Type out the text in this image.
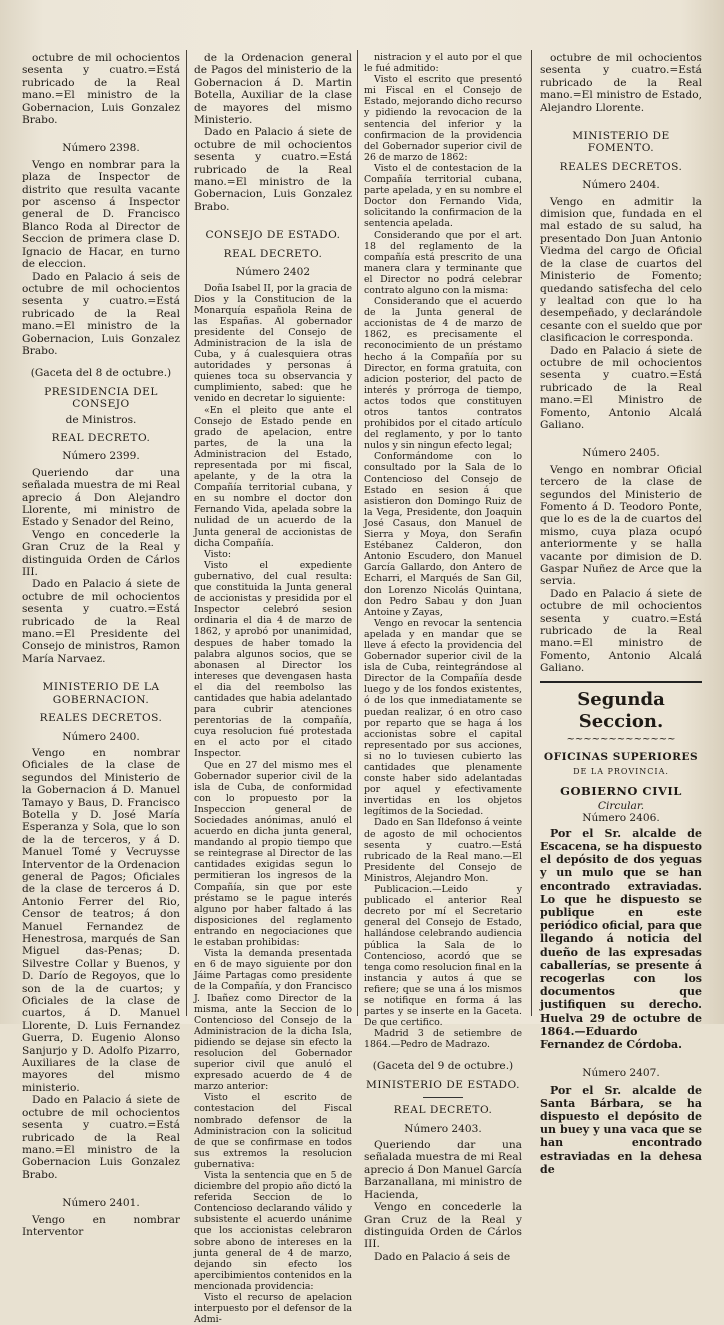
octubre de mil ochocientos sesenta y cuatro.=Está rubricado de la Real mano.=El ministro de la Gobernacion, Luis Gonzalez Brabo.

Número 2398.

Vengo en nombrar para la plaza de Inspector de distrito que resulta vacante por ascenso á Inspector general de D. Francisco Blanco Roda al Director de Seccion de primera clase D. Ignacio de Hacar, en turno de eleccion.

Dado en Palacio á seis de octubre de mil ochocientos sesenta y cuatro.=Está rubricado de la Real mano.=El ministro de la Gobernacion, Luis Gonzalez Brabo.

(Gaceta del 8 de octubre.)

PRESIDENCIA DEL CONSEJO

de Ministros.

REAL DECRETO.

Número 2399.

Queriendo dar una señalada muestra de mi Real aprecio á Don Alejandro Llorente, mi ministro de Estado y Senador del Reino,

Vengo en concederle la Gran Cruz de la Real y distinguida Orden de Cárlos III.

Dado en Palacio á siete de octubre de mil ochocientos sesenta y cuatro.=Está rubricado de la Real mano.=El Presidente del Consejo de ministros, Ramon María Narvaez.

MINISTERIO DE LA GOBERNACION.

REALES DECRETOS.

Número 2400.

Vengo en nombrar Oficiales de la clase de segundos del Ministerio de la Gobernacion á D. Manuel Tamayo y Baus, D. Francisco Botella y D. José María Esperanza y Sola, que lo son de la de terceros, y á D. Manuel Tomé y Vecruysse Interventor de la Ordenacion general de Pagos; Oficiales de la clase de terceros á D. Antonio Ferrer del Rio, Censor de teatros; á don Manuel Fernandez de Henestrosa, marqués de San Miguel das-Penas; D. Silvestre Collar y Buenos, y D. Darío de Regoyos, que lo son de la de cuartos; y Oficiales de la clase de cuartos, á D. Manuel Llorente, D. Luis Fernandez Guerra, D. Eugenio Alonso Sanjurjo y D. Adolfo Pizarro, Auxiliares de la clase de mayores del mismo ministerio.

Dado en Palacio á siete de octubre de mil ochocientos sesenta y cuatro.=Está rubricado de la Real mano.=El ministro de la Gobernacion Luis Gonzalez Brabo.

Número 2401.

Vengo en nombrar Interventor

de la Ordenacion general de Pagos del ministerio de la Gobernacion á D. Martin Botella, Auxiliar de la clase de mayores del mismo Ministerio.

Dado en Palacio á siete de octubre de mil ochocientos sesenta y cuatro.=Está rubricado de la Real mano.=El ministro de la Gobernacion, Luis Gonzalez Brabo.

CONSEJO DE ESTADO.

REAL DECRETO.

Número 2402

Doña Isabel II, por la gracia de Dios y la Constitucion de la Monarquía española Reina de las Españas. Al gobernador presidente del Consejo de Administracion de la isla de Cuba, y á cualesquiera otras autoridades y personas á quienes toca su observancia y cumplimiento, sabed: que he venido en decretar lo siguiente:

«En el pleito que ante el Consejo de Estado pende en grado de apelacion, entre partes, de la una la Administracion del Estado, representada por mi fiscal, apelante, y de la otra la Compañía territorial cubana, y en su nombre el doctor don Fernando Vida, apelada sobre la nulidad de un acuerdo de la Junta general de accionistas de dicha Compañía.

Visto:

Visto el expediente gubernativo, del cual resulta: que constituida la Junta general de accionistas y presidida por el Inspector celebró sesion ordinaria el dia 4 de marzo de 1862, y aprobó por unanimidad, despues de haber tomado la palabra algunos socios, que se abonasen al Director los intereses que devengasen hasta el dia del reembolso las cantidades que habia adelantado para cubrir atenciones perentorias de la compañía, cuya resolucion fué protestada en el acto por el citado Inspector.

Que en 27 del mismo mes el Gobernador superior civil de la isla de Cuba, de conformidad con lo propuesto por la Inspeccion general de Sociedades anónimas, anuló el acuerdo en dicha junta general, mandando al propio tiempo que se reintegrase al Director de las cantidades exigidas segun lo permitieran los ingresos de la Compañía, sin que por este préstamo se le pague interés alguno por haber faltado á las disposiciones del reglamento entrando en negociaciones que le estaban prohibidas:

Vista la demanda presentada en 6 de mayo siguiente por don Jáime Partagas como presidente de la Compañía, y don Francisco J. Ibañez como Director de la misma, ante la Seccion de lo Contencioso del Consejo de la Administracion de la dicha Isla, pidiendo se dejase sin efecto la resolucion del Gobernador superior civil que anuló el expresado acuerdo de 4 de marzo anterior:

Visto el escrito de contestacion del Fiscal nombrado defensor de la Administracion con la solicitud de que se confirmase en todos sus extremos la resolucion gubernativa:

Vista la sentencia que en 5 de diciembre del propio año dictó la referida Seccion de lo Contencioso declarando válido y subsistente el acuerdo unánime que los accionistas celebraron sobre abono de intereses en la junta general de 4 de marzo, dejando sin efecto los apercibimientos contenidos en la mencionada providencia:

Visto el recurso de apelacion interpuesto por el defensor de la Admi-

nistracion y el auto por el que le fué admitido:

Visto el escrito que presentó mi Fiscal en el Consejo de Estado, mejorando dicho recurso y pidiendo la revocacion de la sentencia del inferior y la confirmacion de la providencia del Gobernador superior civil de 26 de marzo de 1862:

Visto el de contestacion de la Compañía territorial cubana, parte apelada, y en su nombre el Doctor don Fernando Vida, solicitando la confirmacion de la sentencia apelada.

Considerando que por el art. 18 del reglamento de la compañía está prescrito de una manera clara y terminante que el Director no podrá celebrar contrato alguno con la misma:

Considerando que el acuerdo de la Junta general de accionistas de 4 de marzo de 1862, es precisamente el reconocimiento de un préstamo hecho á la Compañía por su Director, en forma gratuita, con adicion posterior, del pacto de interés y prórroga de tiempo, actos todos que constituyen otros tantos contratos prohibidos por el citado artículo del reglamento, y por lo tanto nulos y sin ningun efecto legal;

Conformándome con lo consultado por la Sala de lo Contencioso del Consejo de Estado en sesion á que asistieron don Domingo Ruiz de la Vega, Presidente, don Joaquin José Casaus, don Manuel de Sierra y Moya, don Serafin Estébanez Calderon, don Antonio Escudero, don Manuel García Gallardo, don Antero de Echarri, el Marqués de San Gil, don Lorenzo Nicolás Quintana, don Pedro Sabau y don Juan Antoine y Zayas,

Vengo en revocar la sentencia apelada y en mandar que se lleve á efecto la providencia del Gobernador superior civil de la isla de Cuba, reintegrándose al Director de la Compañía desde luego y de los fondos existentes, ó de los que inmediatamente se puedan realizar, ó en otro caso por reparto que se haga á los accionistas sobre el capital representado por sus acciones, si no lo tuviesen cubierto las cantidades que plenamente conste haber sido adelantadas por aquel y efectivamente invertidas en los objetos legítimos de la Sociedad.

Dado en San Ildefonso á veinte de agosto de mil ochocientos sesenta y cuatro.—Está rubricado de la Real mano.—El Presidente del Consejo de Ministros, Alejandro Mon.

Publicacion.—Leido y publicado el anterior Real decreto por mí el Secretario general del Consejo de Estado, hallándose celebrando audiencia pública la Sala de lo Contencioso, acordó que se tenga como resolucion final en la instancia y autos á que se refiere; que se una á los mismos se notifique en forma á las partes y se inserte en la Gaceta. De que certifico.

Madrid 3 de setiembre de 1864.—Pedro de Madrazo.

(Gaceta del 9 de octubre.)

MINISTERIO DE ESTADO.

REAL DECRETO.

Número 2403.

Queriendo dar una señalada muestra de mi Real aprecio á Don Manuel García Barzanallana, mi ministro de Hacienda,

Vengo en concederle la Gran Cruz de la Real y distinguida Orden de Cárlos III.

Dado en Palacio á seis de

octubre de mil ochocientos sesenta y cuatro.=Está rubricado de la Real mano.=El ministro de Estado, Alejandro Llorente.

MINISTERIO DE FOMENTO.

REALES DECRETOS.

Número 2404.

Vengo en admitir la dimision que, fundada en el mal estado de su salud, ha presentado Don Juan Antonio Viedma del cargo de Oficial de la clase de cuartos del Ministerio de Fomento; quedando satisfecha del celo y lealtad con que lo ha desempeñado, y declarándole cesante con el sueldo que por clasificacion le corresponda.

Dado en Palacio á siete de octubre de mil ochocientos sesenta y cuatro.=Está rubricado de la Real mano.=El Ministro de Fomento, Antonio Alcalá Galiano.

Número 2405.

Vengo en nombrar Oficial tercero de la clase de segundos del Ministerio de Fomento á D. Teodoro Ponte, que lo es de la de cuartos del mismo, cuya plaza ocupó anteriormente y se halla vacante por dimision de D. Gaspar Nuñez de Arce que la servia.

Dado en Palacio á siete de octubre de mil ochocientos sesenta y cuatro.=Está rubricado de la Real mano.=El ministro de Fomento, Antonio Alcalá Galiano.

Segunda Seccion.

~~~~~~~~~~~~~

OFICINAS SUPERIORES

DE LA PROVINCIA.

GOBIERNO CIVIL

Circular.

Número 2406.

Por el Sr. alcalde de Escacena, se ha dispuesto el depósito de dos yeguas y un mulo que se han encontrado extraviadas. Lo que he dispuesto se publique en este periódico oficial, para que llegando á noticia del dueño de las expresadas caballerías, se presente á recogerlas con los documentos que justifiquen su derecho. Huelva 29 de octubre de 1864.—Eduardo Fernandez de Córdoba.

Número 2407.

Por el Sr. alcalde de Santa Bárbara, se ha dispuesto el depósito de un buey y una vaca que se han encontrado estraviadas en la dehesa de
